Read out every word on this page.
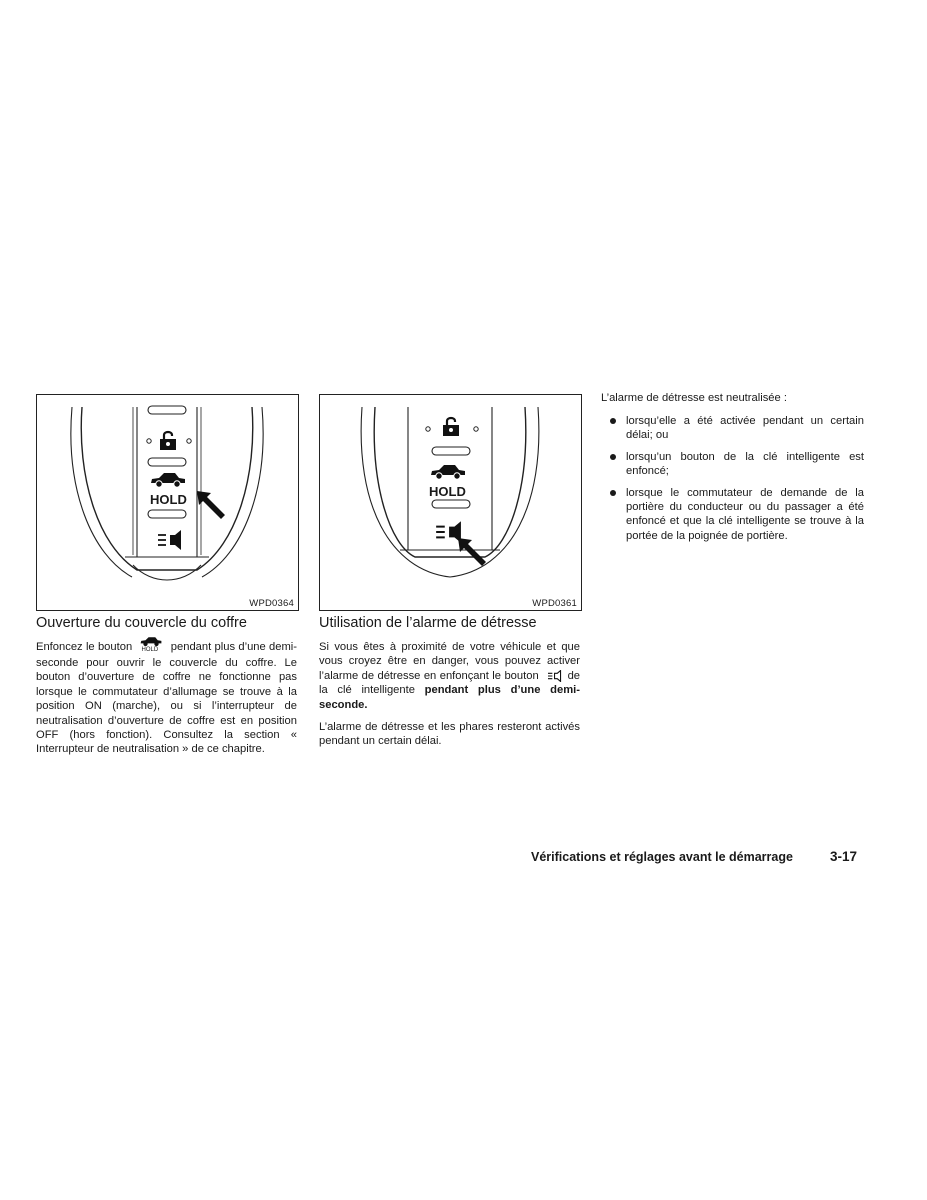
HOLD
WPD0364
HOLD
WPD0361
Ouverture du couvercle du coffre

Enfoncez le bouton HOLD pendant plus d’une demi-seconde pour ouvrir le couvercle du coffre. Le bouton d’ouverture de coffre ne fonctionne pas lorsque le commutateur d’allumage se trouve à la position ON (marche), ou si l’interrupteur de neutralisation d’ouverture de coffre est en position OFF (hors fonction). Consultez la section « Interrupteur de neutralisation » de ce chapitre.

Utilisation de l’alarme de détresse

Si vous êtes à proximité de votre véhicule et que vous croyez être en danger, vous pouvez activer l’alarme de détresse en enfonçant le bouton	de la clé intelligente pendant plus d’une demi-seconde.

L’alarme de détresse et les phares resteront activés pendant un certain délai.

L’alarme de détresse est neutralisée :

lorsqu’elle a été activée pendant un certain délai; ou
lorsqu’un bouton de la clé intelligente est enfoncé;
lorsque le commutateur de demande de la portière du conducteur ou du passager a été enfoncé et que la clé intelligente se trouve à la portée de la poignée de portière.
Vérifications et réglages avant le démarrage	3-17
